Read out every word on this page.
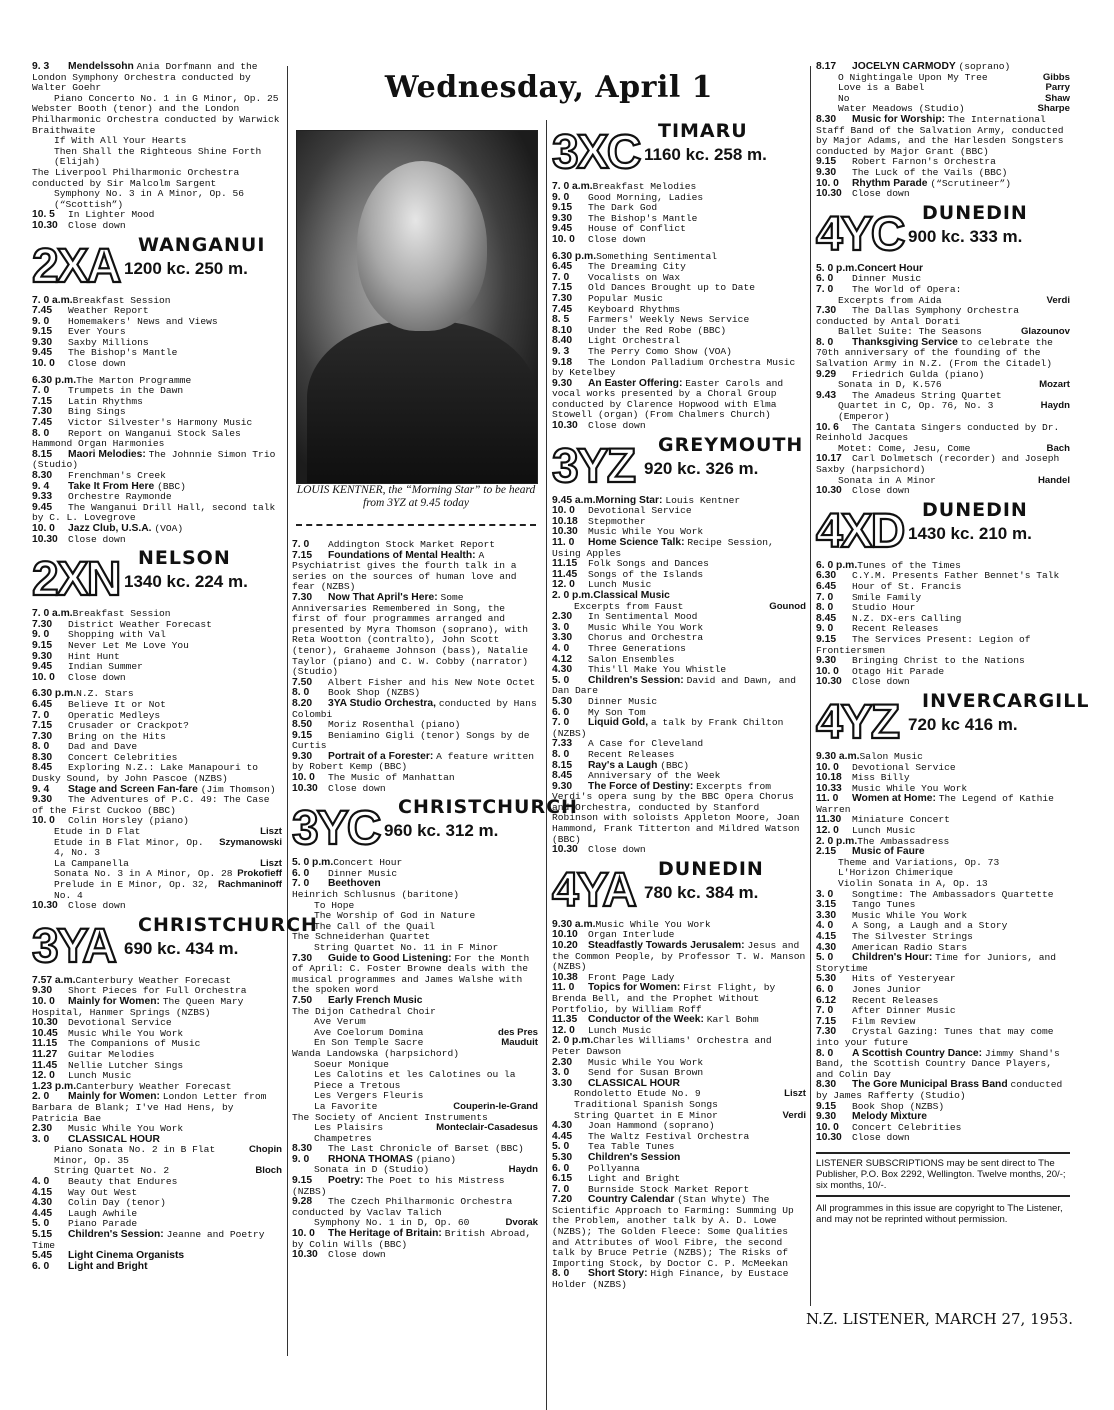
Wednesday, April 1
LOUIS KENTNER, the “Morning Star” to be heard from 3YZ at 9.45 today
9. 3Mendelssohn Ania Dorfmann and the London Symphony Orchestra conducted by Walter Goehr
Piano Concerto No. 1 in G Minor, Op. 25
Webster Booth (tenor) and the London Philharmonic Orchestra conducted by Warwick Braithwaite
If With All Your Hearts
Then Shall the Righteous Shine Forth (Elijah)
The Liverpool Philharmonic Orchestra conducted by Sir Malcolm Sargent
Symphony No. 3 in A Minor, Op. 56 (“Scottish”)
10. 5In Lighter Mood
10.30Close down
2XA WANGANUI
1200 kc. 250 m.
7. 0 a.m.Breakfast Session
7.45Weather Report
9. 0Homemakers' News and Views
9.15Ever Yours
9.30Saxby Millions
9.45The Bishop's Mantle
10. 0Close down
6.30 p.m.The Marton Programme
7. 0Trumpets in the Dawn
7.15Latin Rhythms
7.30Bing Sings
7.45Victor Silvester's Harmony Music
8. 0Report on Wanganui Stock Sales Hammond Organ Harmonies
8.15Maori Melodies: The Johnnie Simon Trio (Studio)
8.30Frenchman's Creek
9. 4Take It From Here (BBC)
9.33Orchestre Raymonde
9.45The Wanganui Drill Hall, second talk by C. L. Lovegrove
10. 0Jazz Club, U.S.A. (VOA)
10.30Close down
2XN NELSON
1340 kc. 224 m.
7. 0 a.m.Breakfast Session
7.30District Weather Forecast
9. 0Shopping with Val
9.15Never Let Me Love You
9.30Hint Hunt
9.45Indian Summer
10. 0Close down
6.30 p.m.N.Z. Stars
6.45Believe It or Not
7. 0Operatic Medleys
7.15Crusader or Crackpot?
7.30Bring on the Hits
8. 0Dad and Dave
8.30Concert Celebrities
8.45Exploring N.Z.: Lake Manapouri to Dusky Sound, by John Pascoe (NZBS)
9. 4Stage and Screen Fan-fare (Jim Thomson)
9.30The Adventures of P.C. 49: The Case of the First Cuckoo (BBC)
10. 0Colin Horsley (piano)
Liszt
Etude in D Flat
Szymanowski
Etude in B Flat Minor, Op. 4, No. 3
Liszt
La Campanella
Prokofieff
Sonata No. 3 in A Minor, Op. 28
Rachmaninoff
Prelude in E Minor, Op. 32, No. 4
10.30Close down
3YA CHRISTCHURCH
690 kc. 434 m.
7.57 a.m.Canterbury Weather Forecast
9.30Short Pieces for Full Orchestra
10. 0Mainly for Women: The Queen Mary Hospital, Hanmer Springs (NZBS)
10.30Devotional Service
10.45Music While You Work
11.15The Companions of Music
11.27Guitar Melodies
11.45Nellie Lutcher Sings
12. 0Lunch Music
1.23 p.m.Canterbury Weather Forecast
2. 0Mainly for Women: London Letter from Barbara de Blank; I've Had Hens, by Patricia Bae
2.30Music While You Work
3. 0CLASSICAL HOUR
Chopin
Piano Sonata No. 2 in B Flat Minor, Op. 35
Bloch
String Quartet No. 2
4. 0Beauty that Endures
4.15Way Out West
4.30Colin Day (tenor)
4.45Laugh Awhile
5. 0Piano Parade
5.15Children's Session: Jeanne and Poetry Time
5.45Light Cinema Organists
6. 0Light and Bright
7. 0Addington Stock Market Report
7.15Foundations of Mental Health: A Psychiatrist gives the fourth talk in a series on the sources of human love and fear (NZBS)
7.30Now That April's Here: Some Anniversaries Remembered in Song, the first of four programmes arranged and presented by Myra Thomson (soprano), with Reta Wootton (contralto), John Scott (tenor), Grahaeme Johnson (bass), Natalie Taylor (piano) and C. W. Cobby (narrator) (Studio)
7.50Albert Fisher and his New Note Octet
8. 0Book Shop (NZBS)
8.203YA Studio Orchestra, conducted by Hans Colombi
8.50Moriz Rosenthal (piano)
9.15Beniamino Gigli (tenor) Songs by de Curtis
9.30Portrait of a Forester: A feature written by Robert Kemp (BBC)
10. 0The Music of Manhattan
10.30Close down
3YC CHRISTCHURCH
960 kc. 312 m.
5. 0 p.m.Concert Hour
6. 0Dinner Music
7. 0Beethoven
Heinrich Schlusnus (baritone)
To Hope
The Worship of God in Nature
The Call of the Quail
The Schneiderhan Quartet
String Quartet No. 11 in F Minor
7.30Guide to Good Listening: For the Month of April: C. Foster Browne deals with the musical programmes and James Walshe with the spoken word
7.50Early French Music
The Dijon Cathedral Choir
Ave Verum
des Pres
Ave Coelorum Domina
Mauduit
En Son Temple Sacre
Wanda Landowska (harpsichord)
Soeur Monique
Les Calotins et les Calotines ou la Piece a Tretous
Les Vergers Fleuris
Couperin-le-Grand
La Favorite
The Society of Ancient Instruments
Monteclair-Casadesus
Les Plaisirs Champetres
8.30The Last Chronicle of Barset (BBC)
9. 0RHONA THOMAS (piano)
Haydn
Sonata in D (Studio)
9.15Poetry: The Poet to his Mistress (NZBS)
9.28The Czech Philharmonic Orchestra conducted by Vaclav Talich
Dvorak
Symphony No. 1 in D, Op. 60
10. 0The Heritage of Britain: British Abroad, by Colin Wills (BBC)
10.30Close down
3XC TIMARU
1160 kc. 258 m.
7. 0 a.m.Breakfast Melodies
9. 0Good Morning, Ladies
9.15The Dark God
9.30The Bishop's Mantle
9.45House of Conflict
10. 0Close down
6.30 p.m.Something Sentimental
6.45The Dreaming City
7. 0Vocalists on Wax
7.15Old Dances Brought up to Date
7.30Popular Music
7.45Keyboard Rhythms
8. 5Farmers' Weekly News Service
8.10Under the Red Robe (BBC)
8.40Light Orchestral
9. 3The Perry Como Show (VOA)
9.18The London Palladium Orchestra Music by Ketelbey
9.30An Easter Offering: Easter Carols and vocal works presented by a Choral Group conducted by Clarence Hopwood with Elma Stowell (organ) (From Chalmers Church)
10.30Close down
3YZ GREYMOUTH
920 kc. 326 m.
9.45 a.m.Morning Star: Louis Kentner
10. 0Devotional Service
10.18Stepmother
10.30Music While You Work
11. 0Home Science Talk: Recipe Session, Using Apples
11.15Folk Songs and Dances
11.45Songs of the Islands
12. 0Lunch Music
2. 0 p.m.Classical Music
Gounod
Excerpts from Faust
2.30In Sentimental Mood
3. 0Music While You Work
3.30Chorus and Orchestra
4. 0Three Generations
4.12Salon Ensembles
4.30This'll Make You Whistle
5. 0Children's Session: David and Dawn, and Dan Dare
5.30Dinner Music
6. 0My Son Tom
7. 0Liquid Gold, a talk by Frank Chilton (NZBS)
7.33A Case for Cleveland
8. 0Recent Releases
8.15Ray's a Laugh (BBC)
8.45Anniversary of the Week
9.30The Force of Destiny: Excerpts from Verdi's opera sung by the BBC Opera Chorus and Orchestra, conducted by Stanford Robinson with soloists Appleton Moore, Joan Hammond, Frank Titterton and Mildred Watson (BBC)
10.30Close down
4YA DUNEDIN
780 kc. 384 m.
9.30 a.m.Music While You Work
10.10Organ Interlude
10.20Steadfastly Towards Jerusalem: Jesus and the Common People, by Professor T. W. Manson (NZBS)
10.38Front Page Lady
11. 0Topics for Women: First Flight, by Brenda Bell, and the Prophet Without Portfolio, by William Roff
11.35Conductor of the Week: Karl Bohm
12. 0Lunch Music
2. 0 p.m.Charles Williams' Orchestra and Peter Dawson
2.30Music While You Work
3. 0Send for Susan Brown
3.30CLASSICAL HOUR
Liszt
Rondoletto Etude No. 9
Traditional Spanish Songs
Verdi
String Quartet in E Minor
4.30Joan Hammond (soprano)
4.45The Waltz Festival Orchestra
5. 0Tea Table Tunes
5.30Children's Session
6. 0Pollyanna
6.15Light and Bright
7. 0Burnside Stock Market Report
7.20Country Calendar (Stan Whyte) The Scientific Approach to Farming: Summing Up the Problem, another talk by A. D. Lowe (NZBS); The Golden Fleece: Some Qualities and Attributes of Wool Fibre, the second talk by Bruce Petrie (NZBS); The Risks of Importing Stock, by Doctor C. P. McMeekan
8. 0Short Story: High Finance, by Eustace Holder (NZBS)
8.17JOCELYN CARMODY (soprano)
Gibbs
O Nightingale Upon My Tree
Parry
Love is a Babel
Shaw
No
Sharpe
Water Meadows (Studio)
8.30Music for Worship: The International Staff Band of the Salvation Army, conducted by Major Adams, and the Harlesden Songsters conducted by Major Grant (BBC)
9.15Robert Farnon's Orchestra
9.30The Luck of the Vails (BBC)
10. 0Rhythm Parade (“Scrutineer”)
10.30Close down
4YC DUNEDIN
900 kc. 333 m.
5. 0 p.m.Concert Hour
6. 0Dinner Music
7. 0The World of Opera:
Verdi
Excerpts from Aida
7.30The Dallas Symphony Orchestra conducted by Antal Dorati
Glazounov
Ballet Suite: The Seasons
8. 0Thanksgiving Service to celebrate the 70th anniversary of the founding of the Salvation Army in N.Z. (From the Citadel)
9.29Friedrich Gulda (piano)
Mozart
Sonata in D, K.576
9.43The Amadeus String Quartet
Haydn
Quartet in C, Op. 76, No. 3 (Emperor)
10. 6The Cantata Singers conducted by Dr. Reinhold Jacques
Bach
Motet: Come, Jesu, Come
10.17Carl Dolmetsch (recorder) and Joseph Saxby (harpsichord)
Handel
Sonata in A Minor
10.30Close down
4XD DUNEDIN
1430 kc. 210 m.
6. 0 p.m.Tunes of the Times
6.30C.Y.M. Presents Father Bennet's Talk
6.45Hour of St. Francis
7. 0Smile Family
8. 0Studio Hour
8.45N.Z. DX-ers Calling
9. 0Recent Releases
9.15The Services Present: Legion of Frontiersmen
9.30Bringing Christ to the Nations
10. 0Otago Hit Parade
10.30Close down
4YZ INVERCARGILL
720 kc 416 m.
9.30 a.m.Salon Music
10. 0Devotional Service
10.18Miss Billy
10.33Music While You Work
11. 0Women at Home: The Legend of Kathie Warren
11.30Miniature Concert
12. 0Lunch Music
2. 0 p.m.The Ambassadress
2.15Music of Faure
Theme and Variations, Op. 73
L'Horizon Chimerique
Violin Sonata in A, Op. 13
3. 0Songtime: The Ambassadors Quartette
3.15Tango Tunes
3.30Music While You Work
4. 0A Song, a Laugh and a Story
4.15The Silvester Strings
4.30American Radio Stars
5. 0Children's Hour: Time for Juniors, and Storytime
5.30Hits of Yesteryear
6. 0Jones Junior
6.12Recent Releases
7. 0After Dinner Music
7.15Film Review
7.30Crystal Gazing: Tunes that may come into your future
8. 0A Scottish Country Dance: Jimmy Shand's Band, the Scottish Country Dance Players, and Colin Day
8.30The Gore Municipal Brass Band conducted by James Rafferty (Studio)
9.15Book Shop (NZBS)
9.30Melody Mixture
10. 0Concert Celebrities
10.30Close down
LISTENER SUBSCRIPTIONS may be sent direct to The Publisher, P.O. Box 2292, Wellington. Twelve months, 20/-; six months, 10/-.
All programmes in this issue are copyright to The Listener, and may not be reprinted without permission.
N.Z. LISTENER, MARCH 27, 1953.
